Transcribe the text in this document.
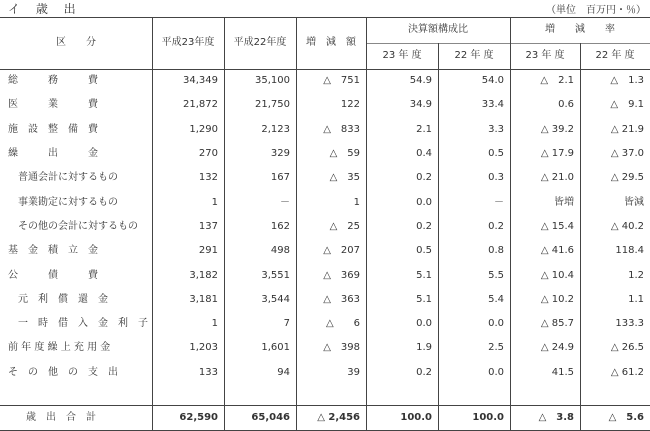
イ 歳 出	（単位　百万円・％）
区　　分	平成23年度	平成22年度	増　減　額
決算額構成比
23 年 度	22 年 度
増　　減　　率
23 年 度	22 年 度
総　　　務　　　費	34,349	35,100	△　751	54.9	54.0	△　2.1	△　1.3
医　　　業　　　費	21,872	21,750	122	34.9	33.4	0.6	△　9.1
施　設　整　備　費	1,290	2,123	△　833	2.1	3.3	△ 39.2	△ 21.9
繰　　　出　　　金	270	329	△　59	0.4	0.5	△ 17.9	△ 37.0
普通会計に対するもの	132	167	△　35	0.2	0.3	△ 21.0	△ 29.5
事業勘定に対するもの	1	－	1	0.0	－	皆増	皆減
その他の会計に対するもの	137	162	△　25	0.2	0.2	△ 15.4	△ 40.2
基　金　積　立　金	291	498	△　207	0.5	0.8	△ 41.6	118.4
公　　　債　　　費	3,182	3,551	△　369	5.1	5.5	△ 10.4	1.2
元　利　償　還　金	3,181	3,544	△　363	5.1	5.4	△ 10.2	1.1
一　時　借　入　金　利　子	1	7	△　　6	0.0	0.0	△ 85.7	133.3
前 年 度 繰 上 充 用 金	1,203	1,601	△　398	1.9	2.5	△ 24.9	△ 26.5
そ　の　他　の　支　出	133	94	39	0.2	0.0	41.5	△ 61.2
歳　出　合　計	62,590	65,046	△ 2,456	100.0	100.0	△　3.8	△　5.6
